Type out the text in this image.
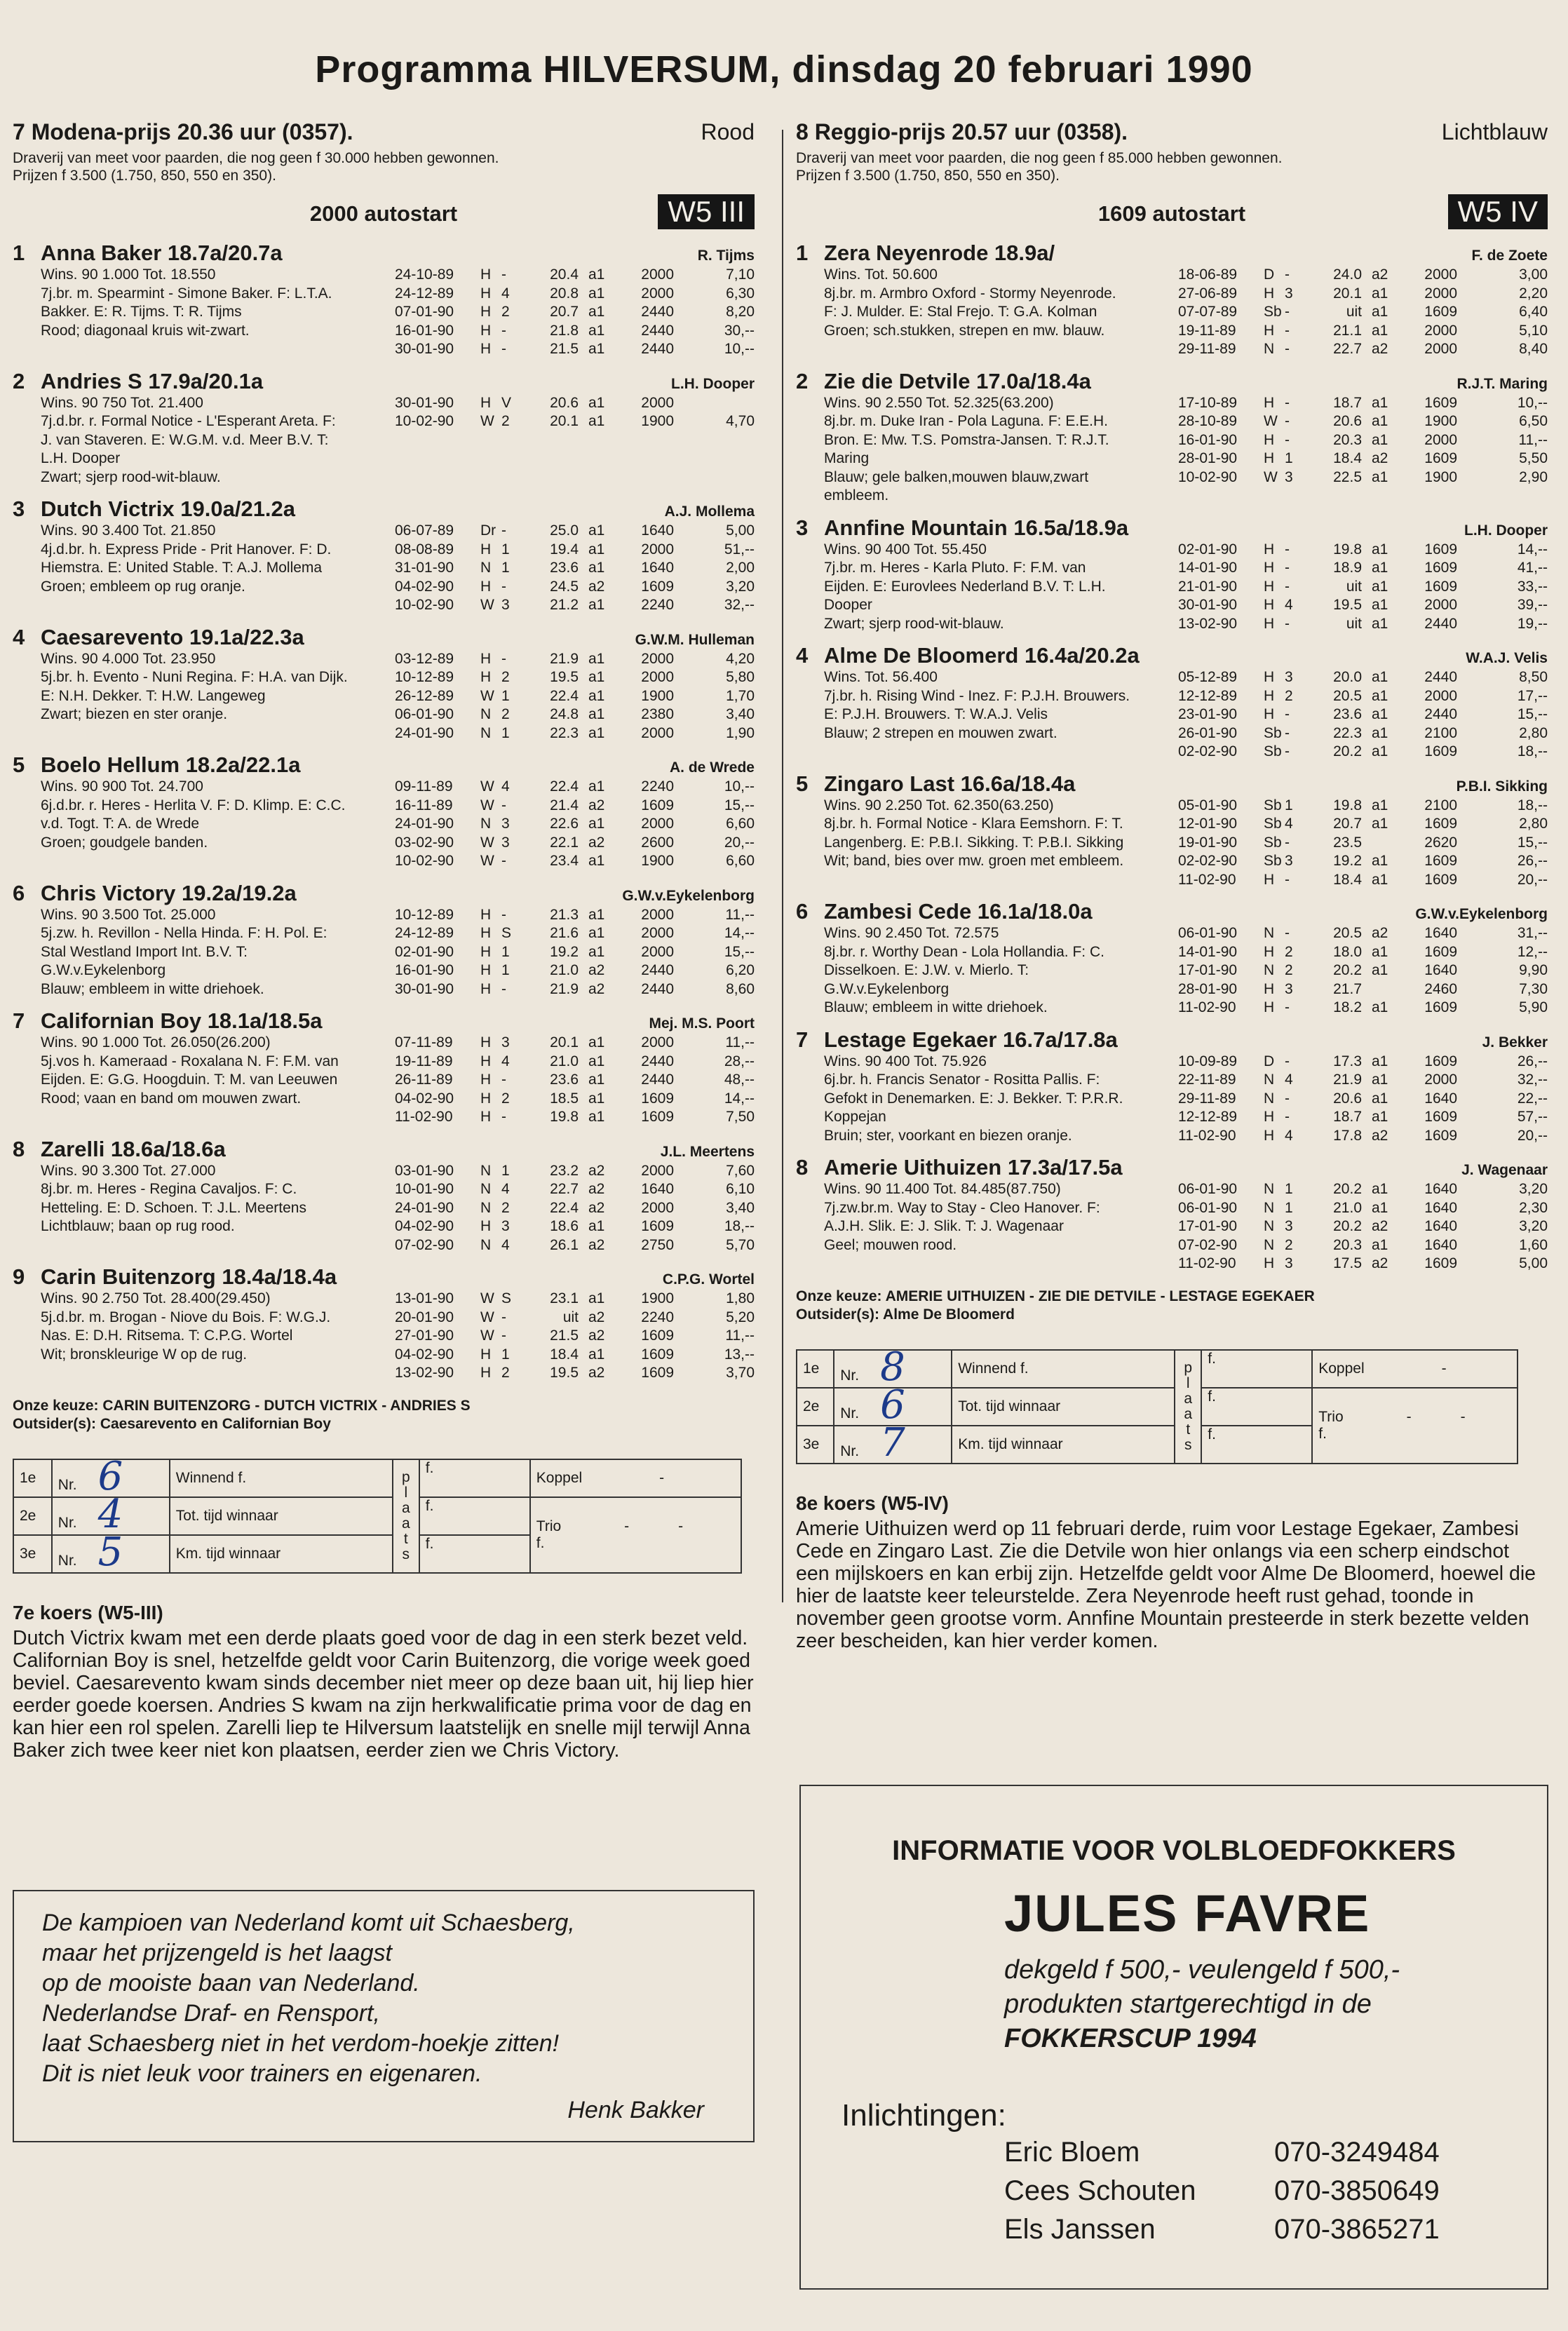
Programma HILVERSUM, dinsdag 20 februari 1990
7 Modena-prijs 20.36 uur (0357).	Rood
Draverij van meet voor paarden, die nog geen f 30.000 hebben gewonnen.
Prijzen f 3.500 (1.750, 850, 550 en 350).
2000 autostart	W5 III
1 Anna Baker 18.7a/20.7a	R. Tijms
Wins. 90 1.000 Tot. 18.550
7j.br. m. Spearmint - Simone Baker. F: L.T.A.
Bakker. E: R. Tijms. T: R. Tijms
Rood; diagonaal kruis wit-zwart.
24-10-89	H -	20.4 a1	2000	7,10
24-12-89	H 4	20.8 a1	2000	6,30
07-01-90	H 2	20.7 a1	2440	8,20
16-01-90	H -	21.8 a1	2440	30,--
30-01-90	H -	21.5 a1	2440	10,--
2 Andries S 17.9a/20.1a	L.H. Dooper
Wins. 90 750 Tot. 21.400
7j.d.br. r. Formal Notice - L'Esperant Areta. F:
J. van Staveren. E: W.G.M. v.d. Meer B.V. T:
L.H. Dooper
Zwart; sjerp rood-wit-blauw.
30-01-90	H V	20.6 a1	2000
10-02-90	W 2	20.1 a1	1900	4,70
3 Dutch Victrix 19.0a/21.2a	A.J. Mollema
Wins. 90 3.400 Tot. 21.850
4j.d.br. h. Express Pride - Prit Hanover. F: D.
Hiemstra. E: United Stable. T: A.J. Mollema
Groen; embleem op rug oranje.
06-07-89	Dr -	25.0 a1	1640	5,00
08-08-89	H 1	19.4 a1	2000	51,--
31-01-90	N 1	23.6 a1	1640	2,00
04-02-90	H -	24.5 a2	1609	3,20
10-02-90	W 3	21.2 a1	2240	32,--
4 Caesarevento 19.1a/22.3a	G.W.M. Hulleman
Wins. 90 4.000 Tot. 23.950
5j.br. h. Evento - Nuni Regina. F: H.A. van Dijk.
E: N.H. Dekker. T: H.W. Langeweg
Zwart; biezen en ster oranje.
03-12-89	H -	21.9 a1	2000	4,20
10-12-89	H 2	19.5 a1	2000	5,80
26-12-89	W 1	22.4 a1	1900	1,70
06-01-90	N 2	24.8 a1	2380	3,40
24-01-90	N 1	22.3 a1	2000	1,90
5 Boelo Hellum 18.2a/22.1a	A. de Wrede
Wins. 90 900 Tot. 24.700
6j.d.br. r. Heres - Herlita V. F: D. Klimp. E: C.C.
v.d. Togt. T: A. de Wrede
Groen; goudgele banden.
09-11-89	W 4	22.4 a1	2240	10,--
16-11-89	W -	21.4 a2	1609	15,--
24-01-90	N 3	22.6 a1	2000	6,60
03-02-90	W 3	22.1 a2	2600	20,--
10-02-90	W -	23.4 a1	1900	6,60
6 Chris Victory 19.2a/19.2a	G.W.v.Eykelenborg
Wins. 90 3.500 Tot. 25.000
5j.zw. h. Revillon - Nella Hinda. F: H. Pol. E:
Stal Westland Import Int. B.V. T:
G.W.v.Eykelenborg
Blauw; embleem in witte driehoek.
10-12-89	H -	21.3 a1	2000	11,--
24-12-89	H S	21.6 a1	2000	14,--
02-01-90	H 1	19.2 a1	2000	15,--
16-01-90	H 1	21.0 a2	2440	6,20
30-01-90	H -	21.9 a2	2440	8,60
7 Californian Boy 18.1a/18.5a	Mej. M.S. Poort
Wins. 90 1.000 Tot. 26.050(26.200)
5j.vos h. Kameraad - Roxalana N. F: F.M. van
Eijden. E: G.G. Hoogduin. T: M. van Leeuwen
Rood; vaan en band om mouwen zwart.
07-11-89	H 3	20.1 a1	2000	11,--
19-11-89	H 4	21.0 a1	2440	28,--
26-11-89	H -	23.6 a1	2440	48,--
04-02-90	H 2	18.5 a1	1609	14,--
11-02-90	H -	19.8 a1	1609	7,50
8 Zarelli 18.6a/18.6a	J.L. Meertens
Wins. 90 3.300 Tot. 27.000
8j.br. m. Heres - Regina Cavaljos. F: C.
Hetteling. E: D. Schoen. T: J.L. Meertens
Lichtblauw; baan op rug rood.
03-01-90	N 1	23.2 a2	2000	7,60
10-01-90	N 4	22.7 a2	1640	6,10
24-01-90	N 2	22.4 a2	2000	3,40
04-02-90	H 3	18.6 a1	1609	18,--
07-02-90	N 4	26.1 a2	2750	5,70
9 Carin Buitenzorg 18.4a/18.4a	C.P.G. Wortel
Wins. 90 2.750 Tot. 28.400(29.450)
5j.d.br. m. Brogan - Niove du Bois. F: W.G.J.
Nas. E: D.H. Ritsema. T: C.P.G. Wortel
Wit; bronskleurige W op de rug.
13-01-90	W S	23.1 a1	1900	1,80
20-01-90	W -	uit a2	2240	5,20
27-01-90	W -	21.5 a2	1609	11,--
04-02-90	H 1	18.4 a1	1609	13,--
13-02-90	H 2	19.5 a2	1609	3,70
Onze keuze: CARIN BUITENZORG - DUTCH VICTRIX - ANDRIES S
Outsider(s): Caesarevento en Californian Boy
1e	Nr. 6	Winnend f.	plaats	f.	Koppel -
2e	Nr. 4	Tot. tijd winnaar		f.	Trio - -
f.

3e	Nr. 5	Km. tijd winnaar		f.	
7e koers (W5-III)
Dutch Victrix kwam met een derde plaats goed voor de dag in een sterk bezet veld. Californian Boy is snel, hetzelfde geldt voor Carin Buitenzorg, die vorige week goed beviel. Caesarevento kwam sinds december niet meer op deze baan uit, hij liep hier eerder goede koersen. Andries S kwam na zijn herkwalificatie prima voor de dag en kan hier een rol spelen. Zarelli liep te Hilversum laatstelijk en snelle mijl terwijl Anna Baker zich twee keer niet kon plaatsen, eerder zien we Chris Victory.
8 Reggio-prijs 20.57 uur (0358).	Lichtblauw
Draverij van meet voor paarden, die nog geen f 85.000 hebben gewonnen.
Prijzen f 3.500 (1.750, 850, 550 en 350).
1609 autostart	W5 IV
1 Zera Neyenrode 18.9a/	F. de Zoete
Wins. Tot. 50.600
8j.br. m. Armbro Oxford - Stormy Neyenrode.
F: J. Mulder. E: Stal Frejo. T: G.A. Kolman
Groen; sch.stukken, strepen en mw. blauw.
18-06-89	D -	24.0 a2	2000	3,00
27-06-89	H 3	20.1 a1	2000	2,20
07-07-89	Sb -	uit a1	1609	6,40
19-11-89	H -	21.1 a1	2000	5,10
29-11-89	N -	22.7 a2	2000	8,40
2 Zie die Detvile 17.0a/18.4a	R.J.T. Maring
Wins. 90 2.550 Tot. 52.325(63.200)
8j.br. m. Duke Iran - Pola Laguna. F: E.E.H.
Bron. E: Mw. T.S. Pomstra-Jansen. T: R.J.T.
Maring
Blauw; gele balken,mouwen blauw,zwart
embleem.
17-10-89	H -	18.7 a1	1609	10,--
28-10-89	W -	20.6 a1	1900	6,50
16-01-90	H -	20.3 a1	2000	11,--
28-01-90	H 1	18.4 a2	1609	5,50
10-02-90	W 3	22.5 a1	1900	2,90
3 Annfine Mountain 16.5a/18.9a	L.H. Dooper
Wins. 90 400 Tot. 55.450
7j.br. m. Heres - Karla Pluto. F: F.M. van
Eijden. E: Eurovlees Nederland B.V. T: L.H.
Dooper
Zwart; sjerp rood-wit-blauw.
02-01-90	H -	19.8 a1	1609	14,--
14-01-90	H -	18.9 a1	1609	41,--
21-01-90	H -	uit a1	1609	33,--
30-01-90	H 4	19.5 a1	2000	39,--
13-02-90	H -	uit a1	2440	19,--
4 Alme De Bloomerd 16.4a/20.2a	W.A.J. Velis
Wins. Tot. 56.400
7j.br. h. Rising Wind - Inez. F: P.J.H. Brouwers.
E: P.J.H. Brouwers. T: W.A.J. Velis
Blauw; 2 strepen en mouwen zwart.
05-12-89	H 3	20.0 a1	2440	8,50
12-12-89	H 2	20.5 a1	2000	17,--
23-01-90	H -	23.6 a1	2440	15,--
26-01-90	Sb -	22.3 a1	2100	2,80
02-02-90	Sb -	20.2 a1	1609	18,--
5 Zingaro Last 16.6a/18.4a	P.B.I. Sikking
Wins. 90 2.250 Tot. 62.350(63.250)
8j.br. h. Formal Notice - Klara Eemshorn. F: T.
Langenberg. E: P.B.I. Sikking. T: P.B.I. Sikking
Wit; band, bies over mw. groen met embleem.
05-01-90	Sb 1	19.8 a1	2100	18,--
12-01-90	Sb 4	20.7 a1	1609	2,80
19-01-90	Sb -	23.5	2620	15,--
02-02-90	Sb 3	19.2 a1	1609	26,--
11-02-90	H -	18.4 a1	1609	20,--
6 Zambesi Cede 16.1a/18.0a	G.W.v.Eykelenborg
Wins. 90 2.450 Tot. 72.575
8j.br. r. Worthy Dean - Lola Hollandia. F: C.
Disselkoen. E: J.W. v. Mierlo. T:
G.W.v.Eykelenborg
Blauw; embleem in witte driehoek.
06-01-90	N -	20.5 a2	1640	31,--
14-01-90	H 2	18.0 a1	1609	12,--
17-01-90	N 2	20.2 a1	1640	9,90
28-01-90	H 3	21.7	2460	7,30
11-02-90	H -	18.2 a1	1609	5,90
7 Lestage Egekaer 16.7a/17.8a	J. Bekker
Wins. 90 400 Tot. 75.926
6j.br. h. Francis Senator - Rositta Pallis. F:
Gefokt in Denemarken. E: J. Bekker. T: P.R.R.
Koppejan
Bruin; ster, voorkant en biezen oranje.
10-09-89	D -	17.3 a1	1609	26,--
22-11-89	N 4	21.9 a1	2000	32,--
29-11-89	N -	20.6 a1	1640	22,--
12-12-89	H -	18.7 a1	1609	57,--
11-02-90	H 4	17.8 a2	1609	20,--
8 Amerie Uithuizen 17.3a/17.5a	J. Wagenaar
Wins. 90 11.400 Tot. 84.485(87.750)
7j.zw.br.m. Way to Stay - Cleo Hanover. F:
A.J.H. Slik. E: J. Slik. T: J. Wagenaar
Geel; mouwen rood.
06-01-90	N 1	20.2 a1	1640	3,20
06-01-90	N 1	21.0 a1	1640	2,30
17-01-90	N 3	20.2 a2	1640	3,20
07-02-90	N 2	20.3 a1	1640	1,60
11-02-90	H 3	17.5 a2	1609	5,00
Onze keuze: AMERIE UITHUIZEN - ZIE DIE DETVILE - LESTAGE EGEKAER
Outsider(s): Alme De Bloomerd
1e	Nr. 8	Winnend f.	plaats	f.	Koppel -
2e	Nr. 6	Tot. tijd winnaar		f.	Trio - -
f.

3e	Nr. 7	Km. tijd winnaar		f.	
8e koers (W5-IV)
Amerie Uithuizen werd op 11 februari derde, ruim voor Lestage Egekaer, Zambesi Cede en Zingaro Last. Zie die Detvile won hier onlangs via een scherp eindschot een mijlskoers en kan erbij zijn. Hetzelfde geldt voor Alme De Bloomerd, hoewel die hier de laatste keer teleurstelde. Zera Neyenrode heeft rust gehad, toonde in november geen grootse vorm. Annfine Mountain presteerde in sterk bezette velden zeer bescheiden, kan hier verder komen.
De kampioen van Nederland komt uit Schaesberg,
maar het prijzengeld is het laagst
op de mooiste baan van Nederland.
Nederlandse Draf- en Rensport,
laat Schaesberg niet in het verdom-hoekje zitten!
Dit is niet leuk voor trainers en eigenaren.
Henk Bakker
INFORMATIE VOOR VOLBLOEDFOKKERS
JULES FAVRE
dekgeld f 500,- veulengeld f 500,-
produkten startgerechtigd in de
FOKKERSCUP 1994
Inlichtingen:
Eric Bloem	070-3249484
Cees Schouten	070-3850649
Els Janssen	070-3865271
